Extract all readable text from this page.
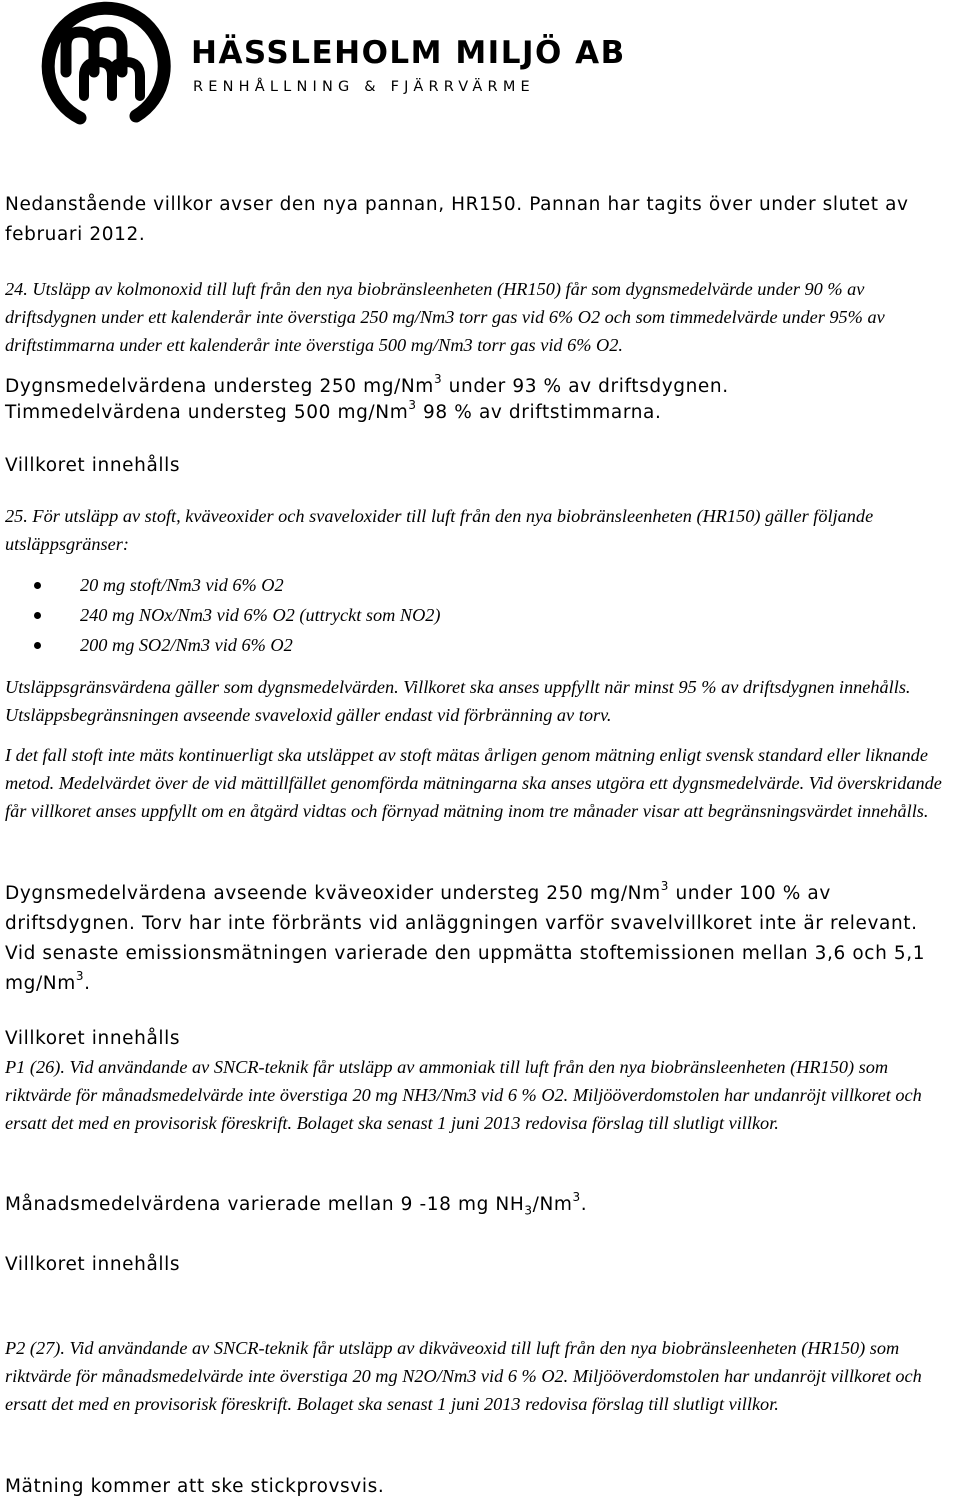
HÄSSLEHOLM MILJÖ AB
RENHÅLLNING & FJÄRRVÄRME

Nedanstående villkor avser den nya pannan, HR150. Pannan har tagits över under slutet av februari 2012.

24. Utsläpp av kolmonoxid till luft från den nya biobränsleenheten (HR150) får som dygnsmedelvärde under 90 % av driftsdygnen under ett kalenderår inte överstiga 250 mg/Nm3 torr gas vid 6% O2 och som timmedelvärde under 95% av driftstimmarna under ett kalenderår inte överstiga 500 mg/Nm3 torr gas vid 6% O2.

Dygnsmedelvärdena understeg 250 mg/Nm$^3$ under 93 % av driftsdygnen.

Timmedelvärdena understeg 500 mg/Nm$^3$ 98 % av driftstimmarna.

Villkoret innehålls

25. För utsläpp av stoft, kväveoxider och svaveloxider till luft från den nya biobränsleenheten (HR150) gäller följande utsläppsgränser:

20 mg stoft/Nm3 vid 6% O2
240 mg NOx/Nm3 vid 6% O2 (uttryckt som NO2)
200 mg SO2/Nm3 vid 6% O2

Utsläppsgränsvärdena gäller som dygnsmedelvärden. Villkoret ska anses uppfyllt när minst 95 % av driftsdygnen innehålls. Utsläppsbegränsningen avseende svaveloxid gäller endast vid förbränning av torv.

I det fall stoft inte mäts kontinuerligt ska utsläppet av stoft mätas årligen genom mätning enligt svensk standard eller liknande metod. Medelvärdet över de vid mättillfället genomförda mätningarna ska anses utgöra ett dygnsmedelvärde. Vid överskridande får villkoret anses uppfyllt om en åtgärd vidtas och förnyad mätning inom tre månader visar att begränsningsvärdet innehålls.

Dygnsmedelvärdena avseende kväveoxider understeg 250 mg/Nm$^3$ under 100 % av driftsdygnen. Torv har inte förbränts vid anläggningen varför svavelvillkoret inte är relevant. Vid senaste emissionsmätningen varierade den uppmätta stoftemissionen mellan 3,6 och 5,1 mg/Nm$^3$.

Villkoret innehålls

P1 (26). Vid användande av SNCR-teknik får utsläpp av ammoniak till luft från den nya biobränsleenheten (HR150) som riktvärde för månadsmedelvärde inte överstiga 20 mg NH3/Nm3 vid 6 % O2. Miljööverdomstolen har undanröjt villkoret och ersatt det med en provisorisk föreskrift. Bolaget ska senast 1 juni 2013 redovisa förslag till slutligt villkor.

Månadsmedelvärdena varierade mellan 9 -18 mg $NH_3/Nm^3$.

Villkoret innehålls

P2 (27). Vid användande av SNCR-teknik får utsläpp av dikväveoxid till luft från den nya biobränsleenheten (HR150) som riktvärde för månadsmedelvärde inte överstiga 20 mg N2O/Nm3 vid 6 % O2. Miljööverdomstolen har undanröjt villkoret och ersatt det med en provisorisk föreskrift. Bolaget ska senast 1 juni 2013 redovisa förslag till slutligt villkor.

Mätning kommer att ske stickprovsvis.
